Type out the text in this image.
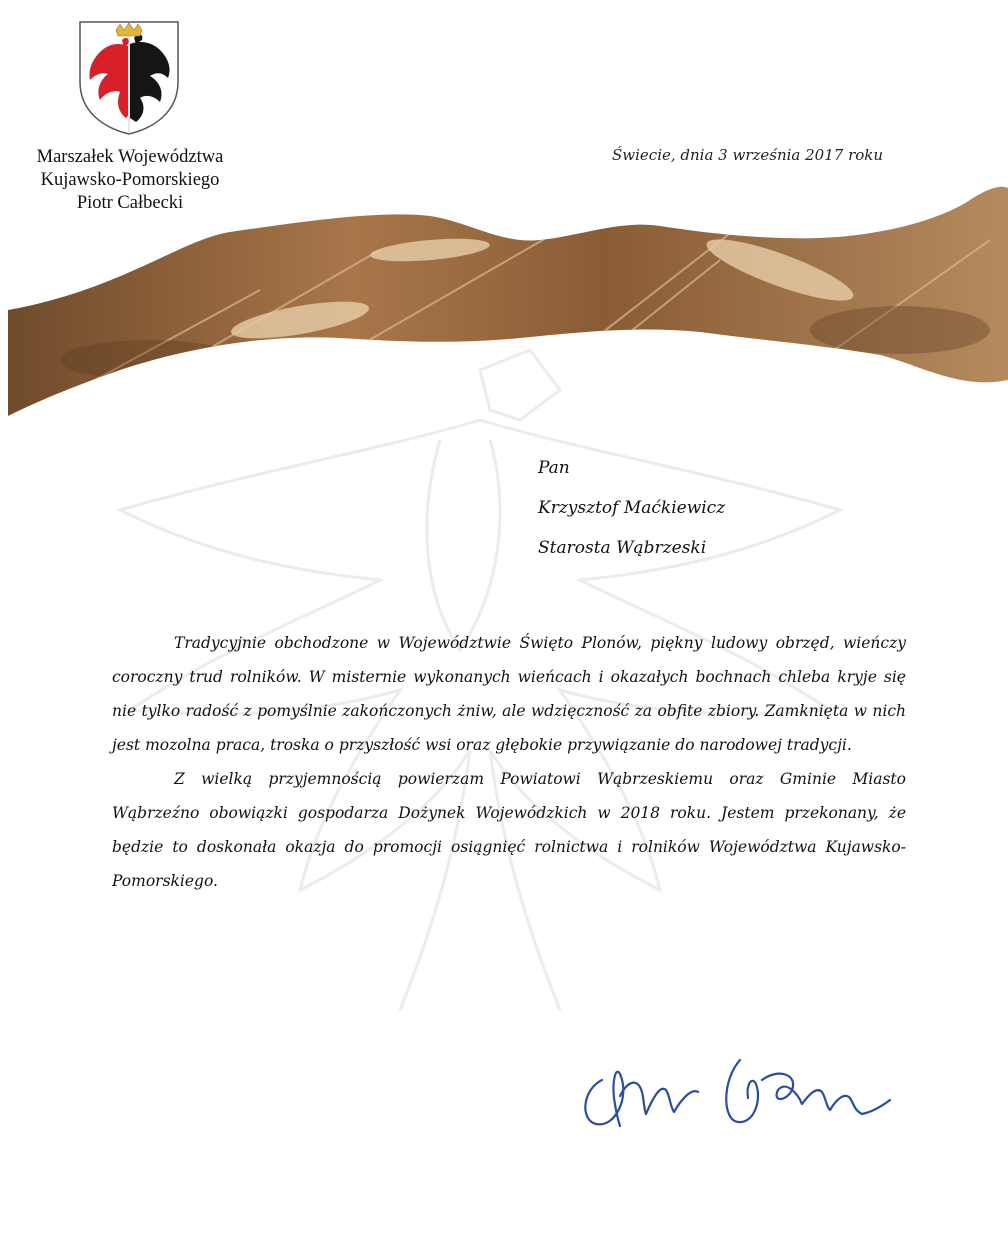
Marszałek Województwa
Kujawsko-Pomorskiego
Piotr Całbecki
Świecie, dnia 3 września 2017 roku
Pan
Krzysztof Maćkiewicz
Starosta Wąbrzeski

Tradycyjnie obchodzone w Województwie Święto Plonów, piękny ludowy obrzęd, wieńczy coroczny trud rolników. W misternie wykonanych wieńcach i okazałych bochnach chleba kryje się nie tylko radość z pomyślnie zakończonych żniw, ale wdzięczność za obfite zbiory. Zamknięta w nich jest mozolna praca, troska o przyszłość wsi oraz głębokie przywiązanie do narodowej tradycji.

Z wielką przyjemnością powierzam Powiatowi Wąbrzeskiemu oraz Gminie Miasto Wąbrzeźno obowiązki gospodarza Dożynek Wojewódzkich w 2018 roku. Jestem przekonany, że będzie to doskonała okazja do promocji osiągnięć rolnictwa i rolników Województwa Kujawsko-Pomorskiego.
